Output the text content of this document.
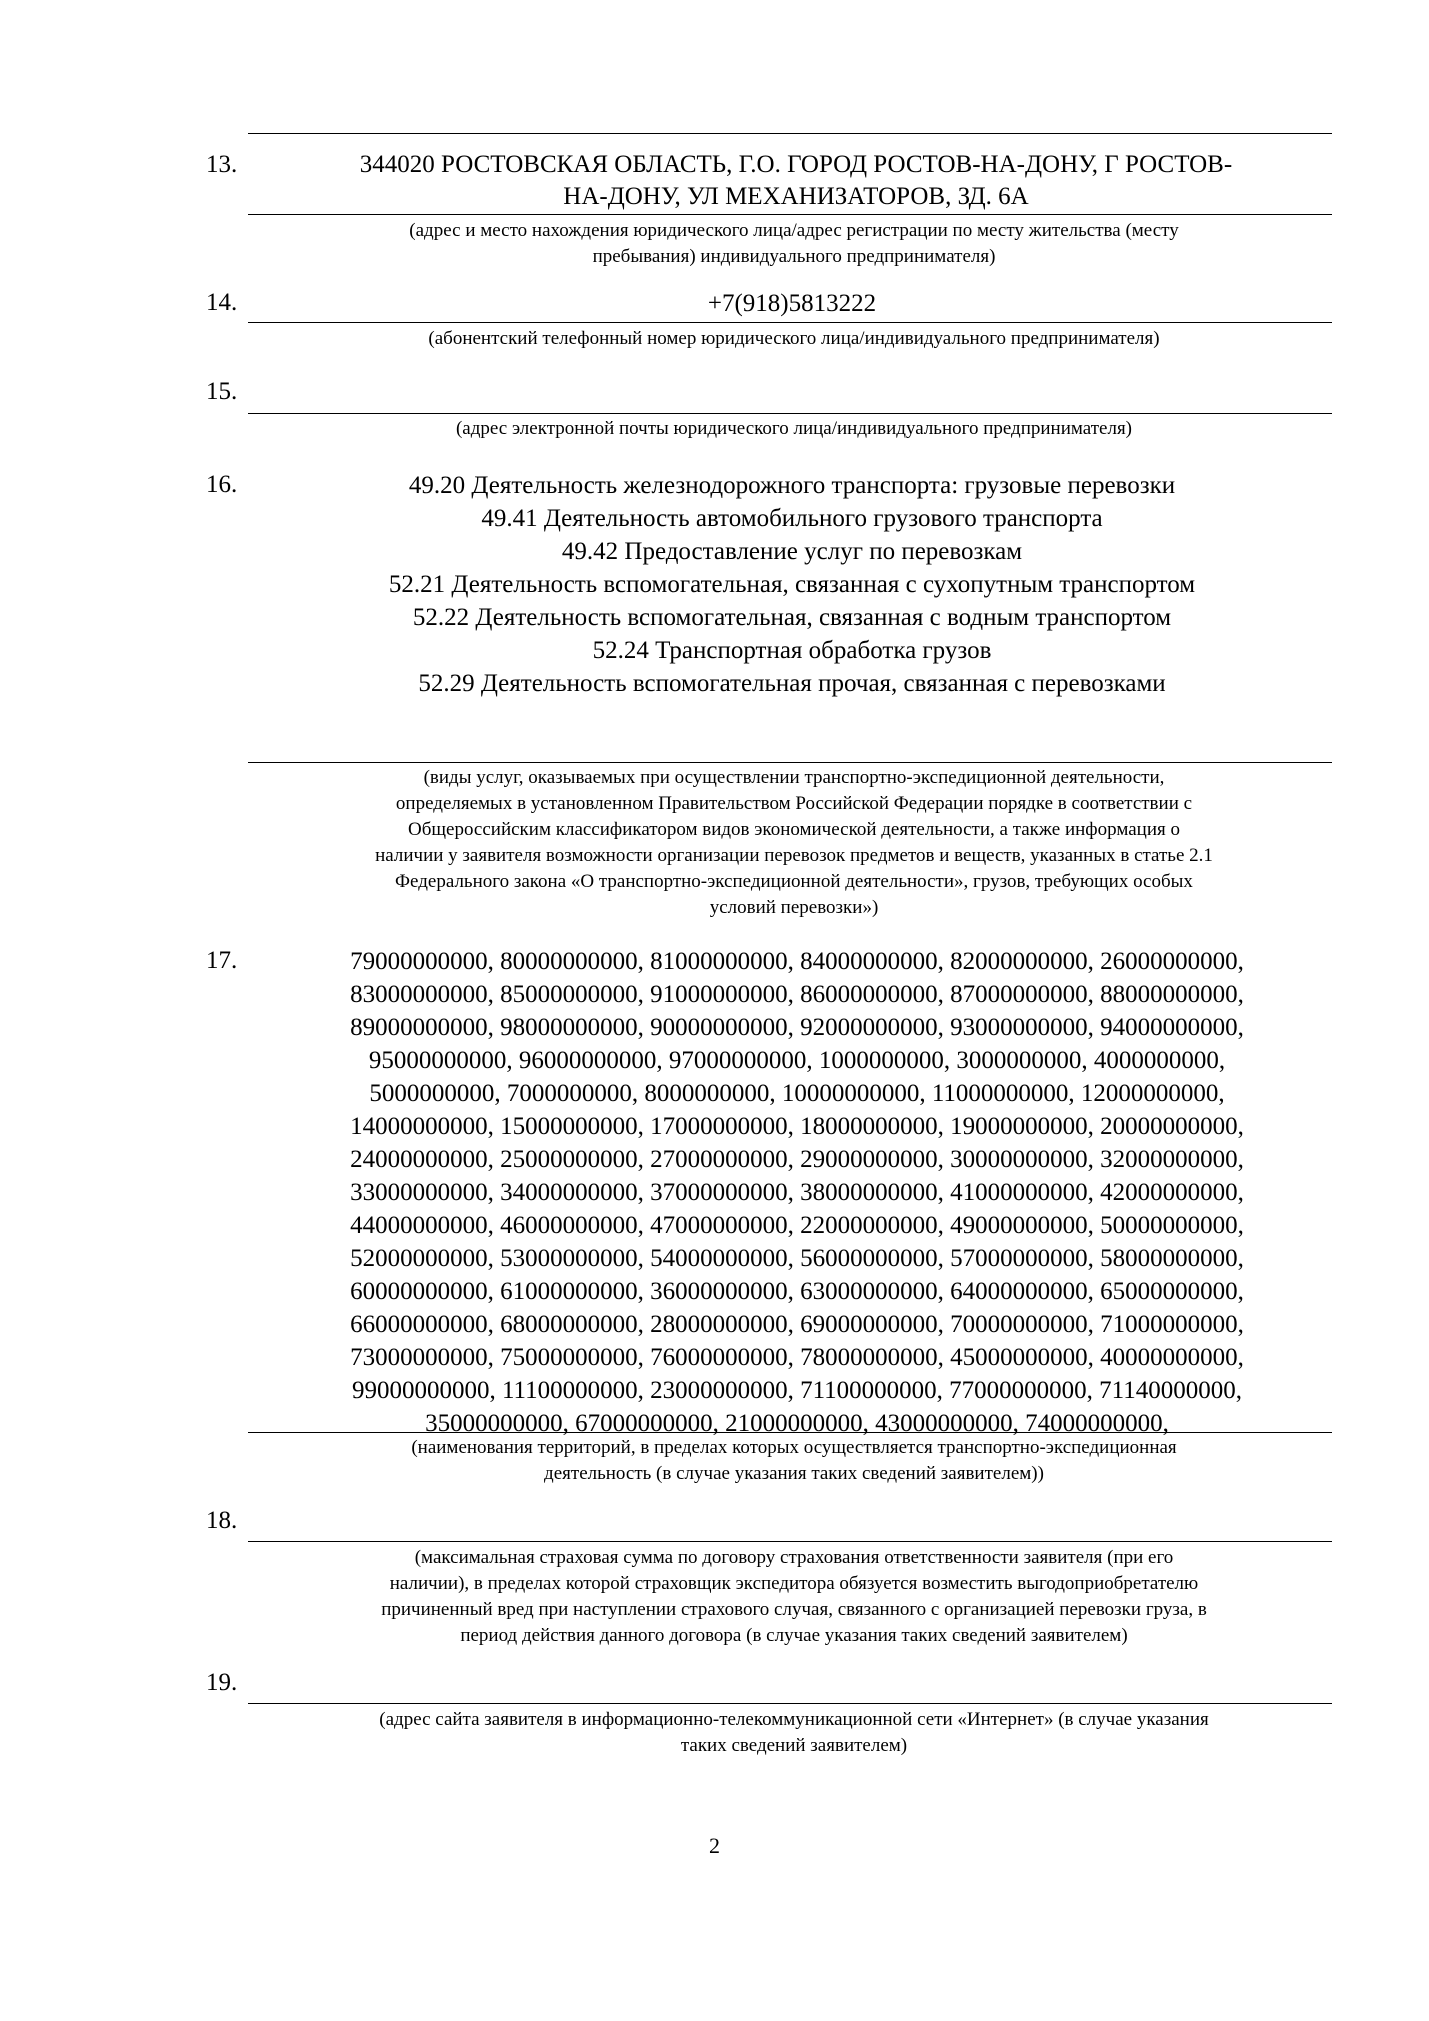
13.	344020 РОСТОВСКАЯ ОБЛАСТЬ, Г.О. ГОРОД РОСТОВ-НА-ДОНУ, Г РОСТОВ-
НА-ДОНУ, УЛ МЕХАНИЗАТОРОВ, ЗД. 6А
(адрес и место нахождения юридического лица/адрес регистрации по месту жительства (месту
пребывания) индивидуального предпринимателя)
14.	+7(918)5813222
(абонентский телефонный номер юридического лица/индивидуального предпринимателя)
15.
(адрес электронной почты юридического лица/индивидуального предпринимателя)
16.	49.20 Деятельность железнодорожного транспорта: грузовые перевозки
49.41 Деятельность автомобильного грузового транспорта
49.42 Предоставление услуг по перевозкам
52.21 Деятельность вспомогательная, связанная с сухопутным транспортом
52.22 Деятельность вспомогательная, связанная с водным транспортом
52.24 Транспортная обработка грузов
52.29 Деятельность вспомогательная прочая, связанная с перевозками
(виды услуг, оказываемых при осуществлении транспортно-экспедиционной деятельности,
определяемых в установленном Правительством Российской Федерации порядке в соответствии с
Общероссийским классификатором видов экономической деятельности, а также информация о
наличии у заявителя возможности организации перевозок предметов и веществ, указанных в статье 2.1
Федерального закона «О транспортно-экспедиционной деятельности», грузов, требующих особых
условий перевозки»)
17.	79000000000, 80000000000, 81000000000, 84000000000, 82000000000, 26000000000,
83000000000, 85000000000, 91000000000, 86000000000, 87000000000, 88000000000,
89000000000, 98000000000, 90000000000, 92000000000, 93000000000, 94000000000,
95000000000, 96000000000, 97000000000, 1000000000, 3000000000, 4000000000,
5000000000, 7000000000, 8000000000, 10000000000, 11000000000, 12000000000,
14000000000, 15000000000, 17000000000, 18000000000, 19000000000, 20000000000,
24000000000, 25000000000, 27000000000, 29000000000, 30000000000, 32000000000,
33000000000, 34000000000, 37000000000, 38000000000, 41000000000, 42000000000,
44000000000, 46000000000, 47000000000, 22000000000, 49000000000, 50000000000,
52000000000, 53000000000, 54000000000, 56000000000, 57000000000, 58000000000,
60000000000, 61000000000, 36000000000, 63000000000, 64000000000, 65000000000,
66000000000, 68000000000, 28000000000, 69000000000, 70000000000, 71000000000,
73000000000, 75000000000, 76000000000, 78000000000, 45000000000, 40000000000,
99000000000, 11100000000, 23000000000, 71100000000, 77000000000, 71140000000,
35000000000, 67000000000, 21000000000, 43000000000, 74000000000,
(наименования территорий, в пределах которых осуществляется транспортно-экспедиционная
деятельность (в случае указания таких сведений заявителем))
18.
(максимальная страховая сумма по договору страхования ответственности заявителя (при его
наличии), в пределах которой страховщик экспедитора обязуется возместить выгодоприобретателю
причиненный вред при наступлении страхового случая, связанного с организацией перевозки груза, в
период действия данного договора (в случае указания таких сведений заявителем)
19.
(адрес сайта заявителя в информационно-телекоммуникационной сети «Интернет» (в случае указания
таких сведений заявителем)
2
